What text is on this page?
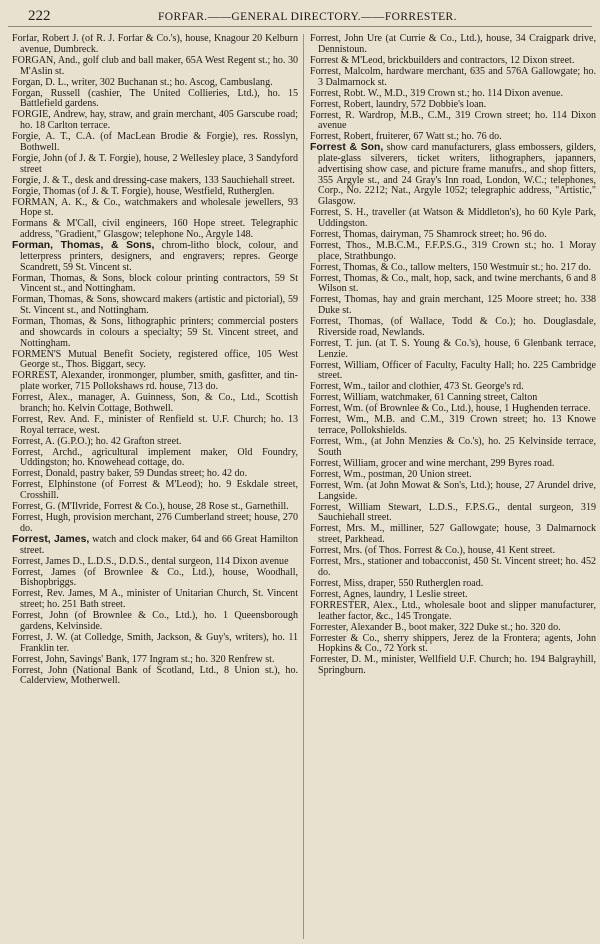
222	FORFAR.——GENERAL DIRECTORY.——FORRESTER.

Forfar, Robert J. (of R. J. Forfar & Co.'s), house, Knagour 20 Kelburn avenue, Dumbreck.

FORGAN, And., golf club and ball maker, 65A West Regent st.; ho. 30 M'Aslin st.

Forgan, D. L., writer, 302 Buchanan st.; ho. Ascog, Cambuslang.

Forgan, Russell (cashier, The United Collieries, Ltd.), ho. 15 Battlefield gardens.

FORGIE, Andrew, hay, straw, and grain merchant, 405 Garscube road; ho. 18 Carlton terrace.

Forgie, A. T., C.A. (of MacLean Brodie & Forgie), res. Rosslyn, Bothwell.

Forgie, John (of J. & T. Forgie), house, 2 Wellesley place, 3 Sandyford street

Forgie, J. & T., desk and dressing-case makers, 133 Sauchiehall street.

Forgie, Thomas (of J. & T. Forgie), house, Westfield, Rutherglen.

FORMAN, A. K., & Co., watchmakers and wholesale jewellers, 93 Hope st.

Formans & M'Call, civil engineers, 160 Hope street. Telegraphic address, "Gradient," Glasgow; telephone No., Argyle 148.

Forman, Thomas, & Sons, chrom-litho block, colour, and letterpress printers, designers, and engravers; repres. George Scandrett, 59 St. Vincent st.

Forman, Thomas, & Sons, block colour printing contractors, 59 St Vincent st., and Nottingham.

Forman, Thomas, & Sons, showcard makers (artistic and pictorial), 59 St. Vincent st., and Nottingham.

Forman, Thomas, & Sons, lithographic printers; commercial posters and showcards in colours a specialty; 59 St. Vincent street, and Nottingham.

FORMEN'S Mutual Benefit Society, registered office, 105 West George st., Thos. Biggart, secy.

FORREST, Alexander, ironmonger, plumber, smith, gasfitter, and tin-plate worker, 715 Pollokshaws rd. house, 713 do.

Forrest, Alex., manager, A. Guinness, Son, & Co., Ltd., Scottish branch; ho. Kelvin Cottage, Bothwell.

Forrest, Rev. And. F., minister of Renfield st. U.F. Church; ho. 13 Royal terrace, west.

Forrest, A. (G.P.O.); ho. 42 Grafton street.

Forrest, Archd., agricultural implement maker, Old Foundry, Uddingston; ho. Knowehead cottage, do.

Forrest, Donald, pastry baker, 59 Dundas street; ho. 42 do.

Forrest, Elphinstone (of Forrest & M'Leod); ho. 9 Eskdale street, Crosshill.

Forrest, G. (M'Ilvride, Forrest & Co.), house, 28 Rose st., Garnethill.

Forrest, Hugh, provision merchant, 276 Cumberland street; house, 270 do.

Forrest, James, watch and clock maker, 64 and 66 Great Hamilton street.

Forrest, James D., L.D.S., D.D.S., dental surgeon, 114 Dixon avenue

Forrest, James (of Brownlee & Co., Ltd.), house, Woodhall, Bishopbriggs.

Forrest, Rev. James, M A., minister of Unitarian Church, St. Vincent street; ho. 251 Bath street.

Forrest, John (of Brownlee & Co., Ltd.), ho. 1 Queensborough gardens, Kelvinside.

Forrest, J. W. (at Colledge, Smith, Jackson, & Guy's, writers), ho. 11 Franklin ter.

Forrest, John, Savings' Bank, 177 Ingram st.; ho. 320 Renfrew st.

Forrest, John (National Bank of Scotland, Ltd., 8 Union st.), ho. Calderview, Motherwell.

Forrest, John Ure (at Currie & Co., Ltd.), house, 34 Craigpark drive, Dennistoun.

Forrest & M'Leod, brickbuilders and contractors, 12 Dixon street.

Forrest, Malcolm, hardware merchant, 635 and 576A Gallowgate; ho. 3 Dalmarnock st.

Forrest, Robt. W., M.D., 319 Crown st.; ho. 114 Dixon avenue.

Forrest, Robert, laundry, 572 Dobbie's loan.

Forrest, R. Wardrop, M.B., C.M., 319 Crown street; ho. 114 Dixon avenue

Forrest, Robert, fruiterer, 67 Watt st.; ho. 76 do.

Forrest & Son, show card manufacturers, glass embossers, gilders, plate-glass silverers, ticket writers, lithographers, japanners, advertising show case, and picture frame manufrs., and shop fitters, 355 Argyle st., and 24 Gray's Inn road, London, W.C.; telephones, Corp., No. 2212; Nat., Argyle 1052; telegraphic address, "Artistic," Glasgow.

Forrest, S. H., traveller (at Watson & Middleton's), ho 60 Kyle Park, Uddingston.

Forrest, Thomas, dairyman, 75 Shamrock street; ho. 96 do.

Forrest, Thos., M.B.C.M., F.F.P.S.G., 319 Crown st.; ho. 1 Moray place, Strathbungo.

Forrest, Thomas, & Co., tallow melters, 150 Westmuir st.; ho. 217 do.

Forrest, Thomas, & Co., malt, hop, sack, and twine merchants, 6 and 8 Wilson st.

Forrest, Thomas, hay and grain merchant, 125 Moore street; ho. 338 Duke st.

Forrest, Thomas, (of Wallace, Todd & Co.); ho. Douglasdale, Riverside road, Newlands.

Forrest, T. jun. (at T. S. Young & Co.'s), house, 6 Glenbank terrace, Lenzie.

Forrest, William, Officer of Faculty, Faculty Hall; ho. 225 Cambridge street.

Forrest, Wm., tailor and clothier, 473 St. George's rd.

Forrest, William, watchmaker, 61 Canning street, Calton

Forrest, Wm. (of Brownlee & Co., Ltd.), house, 1 Hughenden terrace.

Forrest, Wm., M.B. and C.M., 319 Crown street; ho. 13 Knowe terrace, Pollokshields.

Forrest, Wm., (at John Menzies & Co.'s), ho. 25 Kelvinside terrace, South

Forrest, William, grocer and wine merchant, 299 Byres road.

Forrest, Wm., postman, 20 Union street.

Forrest, Wm. (at John Mowat & Son's, Ltd.); house, 27 Arundel drive, Langside.

Forrest, William Stewart, L.D.S., F.P.S.G., dental surgeon, 319 Sauchiehall street.

Forrest, Mrs. M., milliner, 527 Gallowgate; house, 3 Dalmarnock street, Parkhead.

Forrest, Mrs. (of Thos. Forrest & Co.), house, 41 Kent street.

Forrest, Mrs., stationer and tobacconist, 450 St. Vincent street; ho. 452 do.

Forrest, Miss, draper, 550 Rutherglen road.

Forrest, Agnes, laundry, 1 Leslie street.

FORRESTER, Alex., Ltd., wholesale boot and slipper manufacturer, leather factor, &c., 145 Trongate.

Forrester, Alexander B., boot maker, 322 Duke st.; ho. 320 do.

Forrester & Co., sherry shippers, Jerez de la Frontera; agents, John Hopkins & Co., 72 York st.

Forrester, D. M., minister, Wellfield U.F. Church; ho. 194 Balgrayhill, Springburn.
